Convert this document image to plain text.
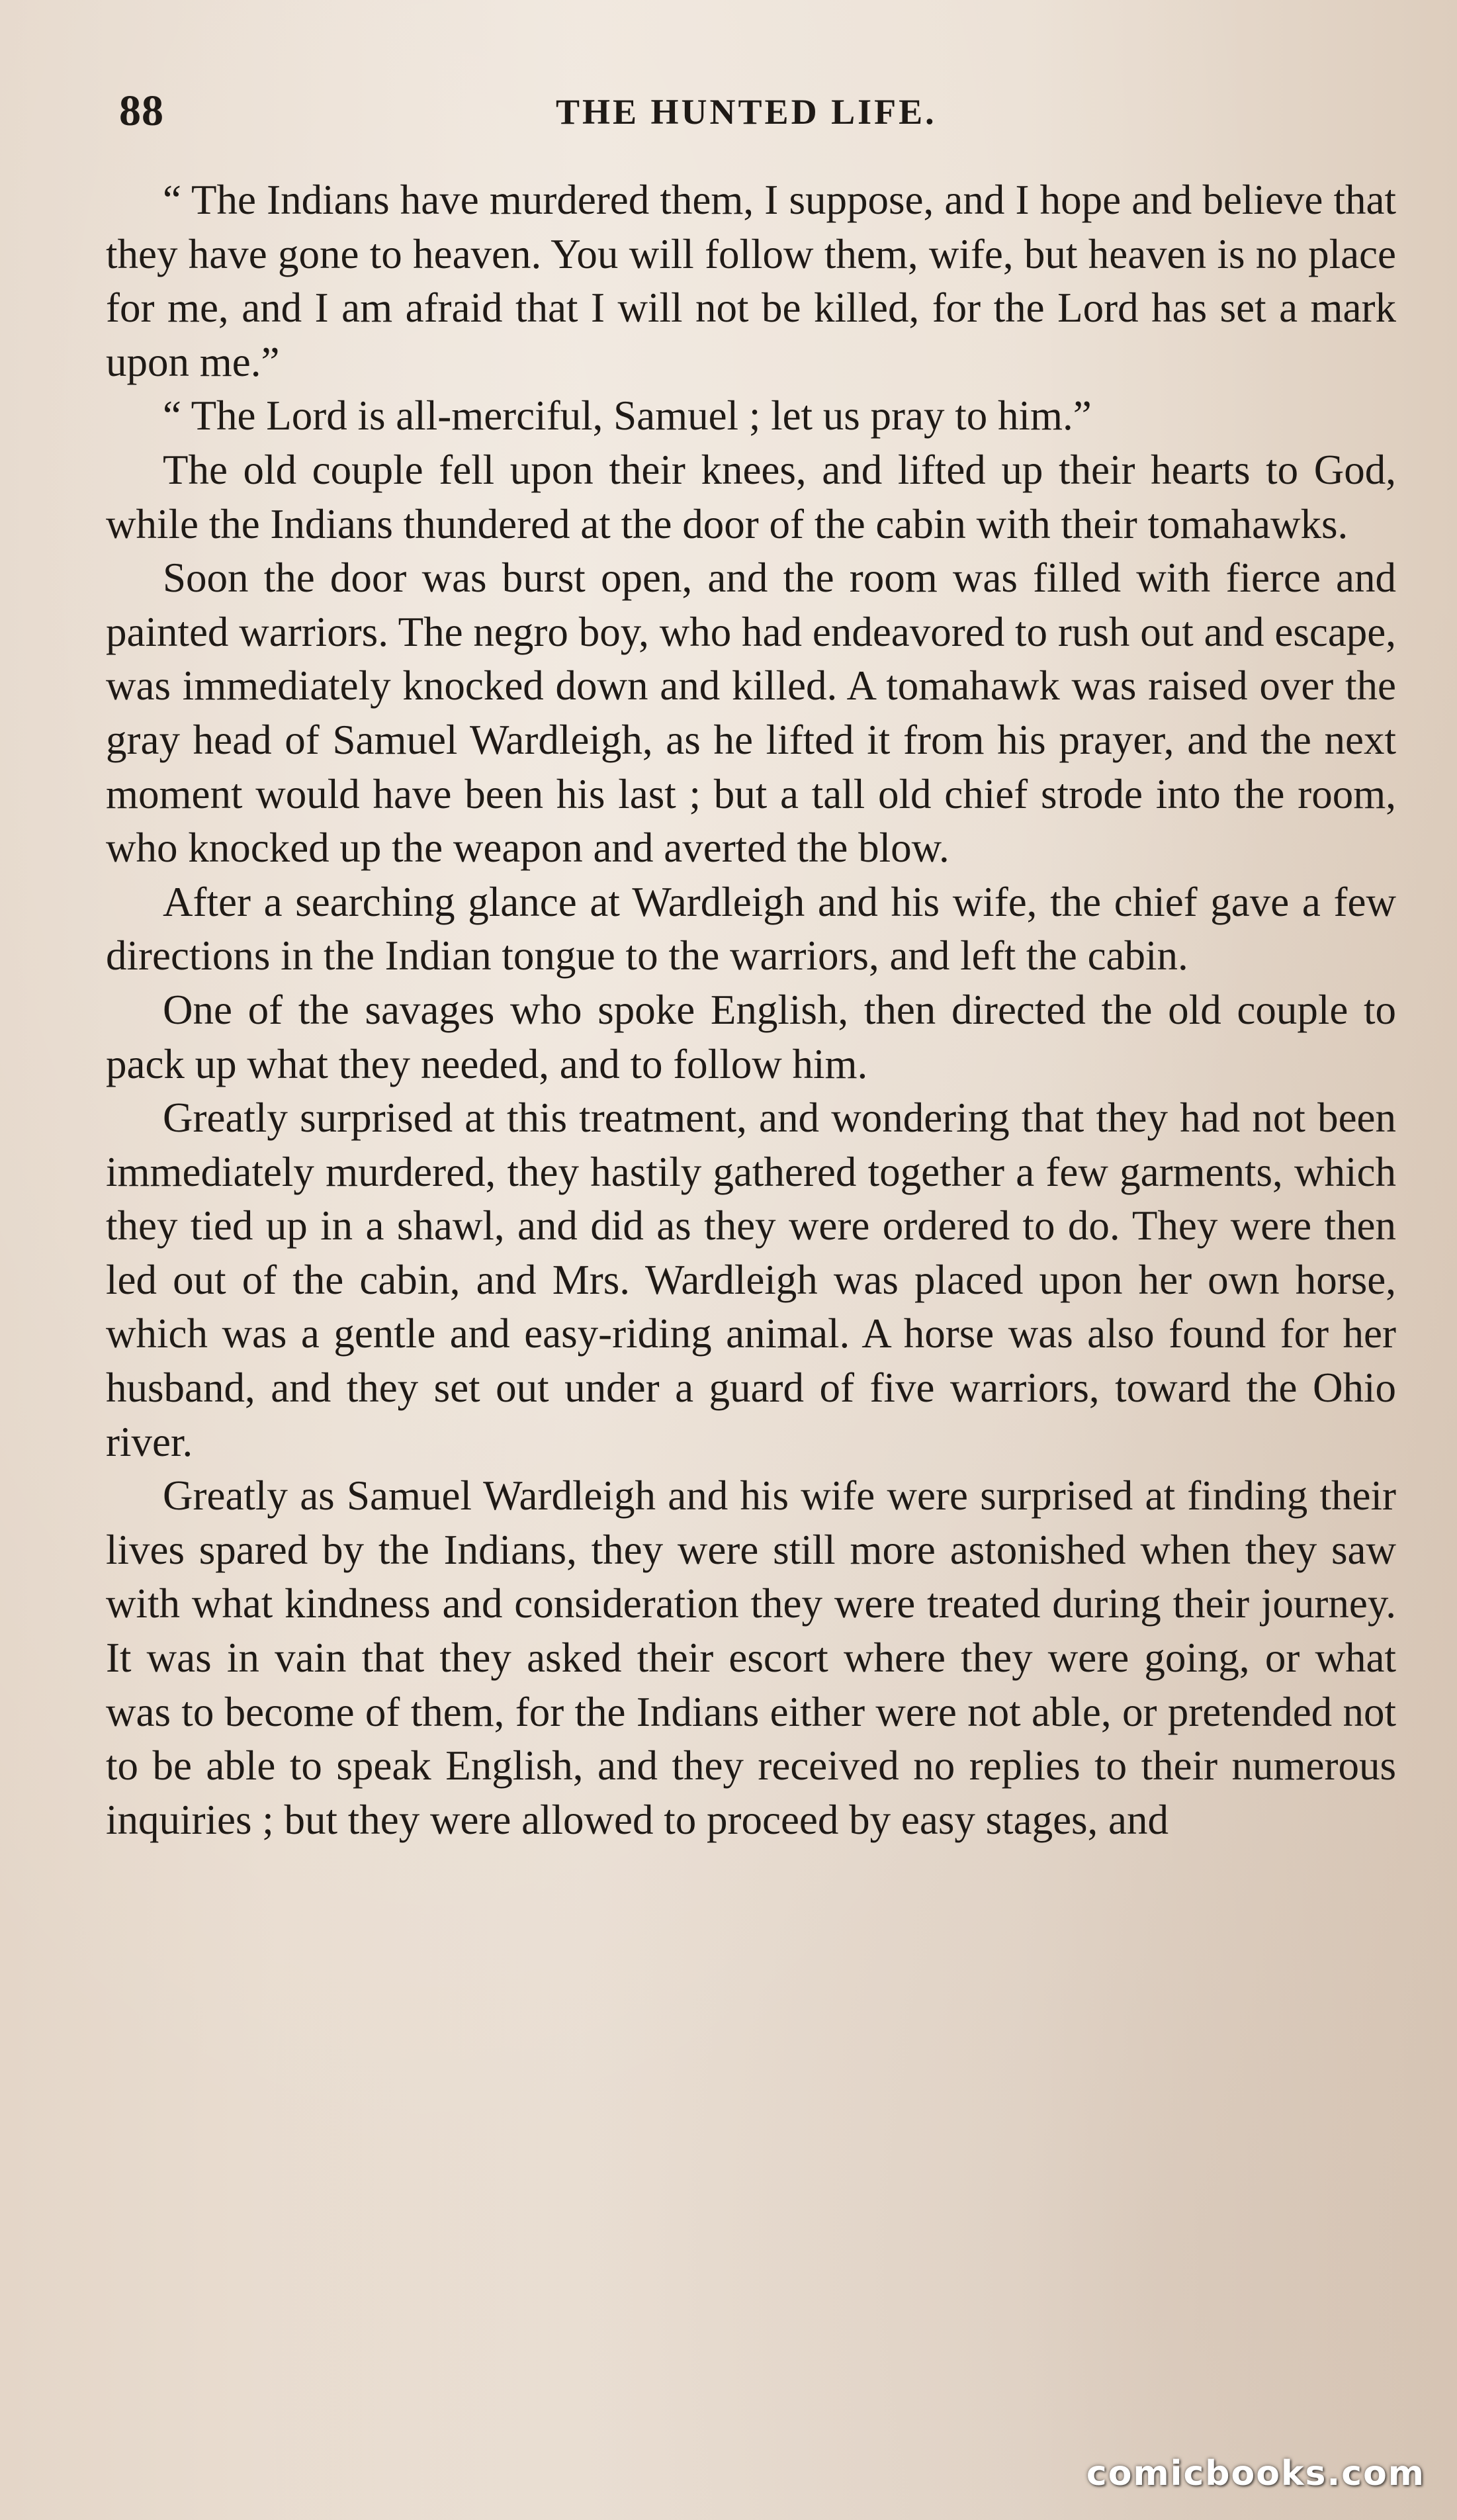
88	THE HUNTED LIFE.

“ The Indians have murdered them, I suppose, and I hope and believe that they have gone to heaven. You will follow them, wife, but heaven is no place for me, and I am afraid that I will not be killed, for the Lord has set a mark upon me.”

“ The Lord is all-merciful, Samuel ; let us pray to him.”

The old couple fell upon their knees, and lifted up their hearts to God, while the Indians thundered at the door of the cabin with their tomahawks.

Soon the door was burst open, and the room was filled with fierce and painted warriors. The negro boy, who had endeavored to rush out and escape, was immediately knocked down and killed. A tomahawk was raised over the gray head of Samuel Wardleigh, as he lifted it from his prayer, and the next moment would have been his last ; but a tall old chief strode into the room, who knocked up the weapon and averted the blow.

After a searching glance at Wardleigh and his wife, the chief gave a few directions in the Indian tongue to the warriors, and left the cabin.

One of the savages who spoke English, then directed the old couple to pack up what they needed, and to follow him.

Greatly surprised at this treatment, and wondering that they had not been immediately murdered, they hastily gathered together a few garments, which they tied up in a shawl, and did as they were ordered to do. They were then led out of the cabin, and Mrs. Wardleigh was placed upon her own horse, which was a gentle and easy-riding animal. A horse was also found for her husband, and they set out under a guard of five warriors, toward the Ohio river.

Greatly as Samuel Wardleigh and his wife were surprised at finding their lives spared by the Indians, they were still more astonished when they saw with what kindness and consideration they were treated during their journey. It was in vain that they asked their escort where they were going, or what was to become of them, for the Indians either were not able, or pretended not to be able to speak English, and they received no replies to their numerous inquiries ; but they were allowed to proceed by easy stages, and

comicbooks.com
